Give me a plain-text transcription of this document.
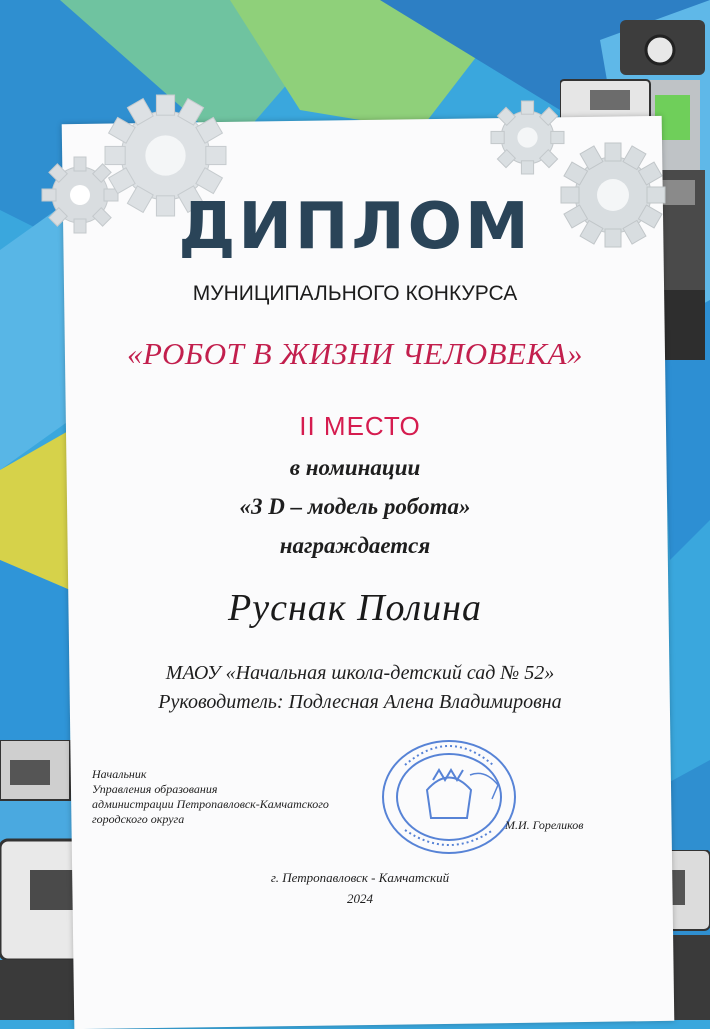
ДИПЛОМ
МУНИЦИПАЛЬНОГО КОНКУРСА
«РОБОТ В ЖИЗНИ ЧЕЛОВЕКА»
II МЕСТО
в номинации
«3 D – модель робота»
награждается
Руснак Полина
МАОУ «Начальная школа-детский сад № 52»
Руководитель: Подлесная Алена Владимировна
Начальник
Управления образования
администрации Петропавловск-Камчатского
городского округа	М.И. Гореликов
г. Петропавловск - Камчатский
2024
